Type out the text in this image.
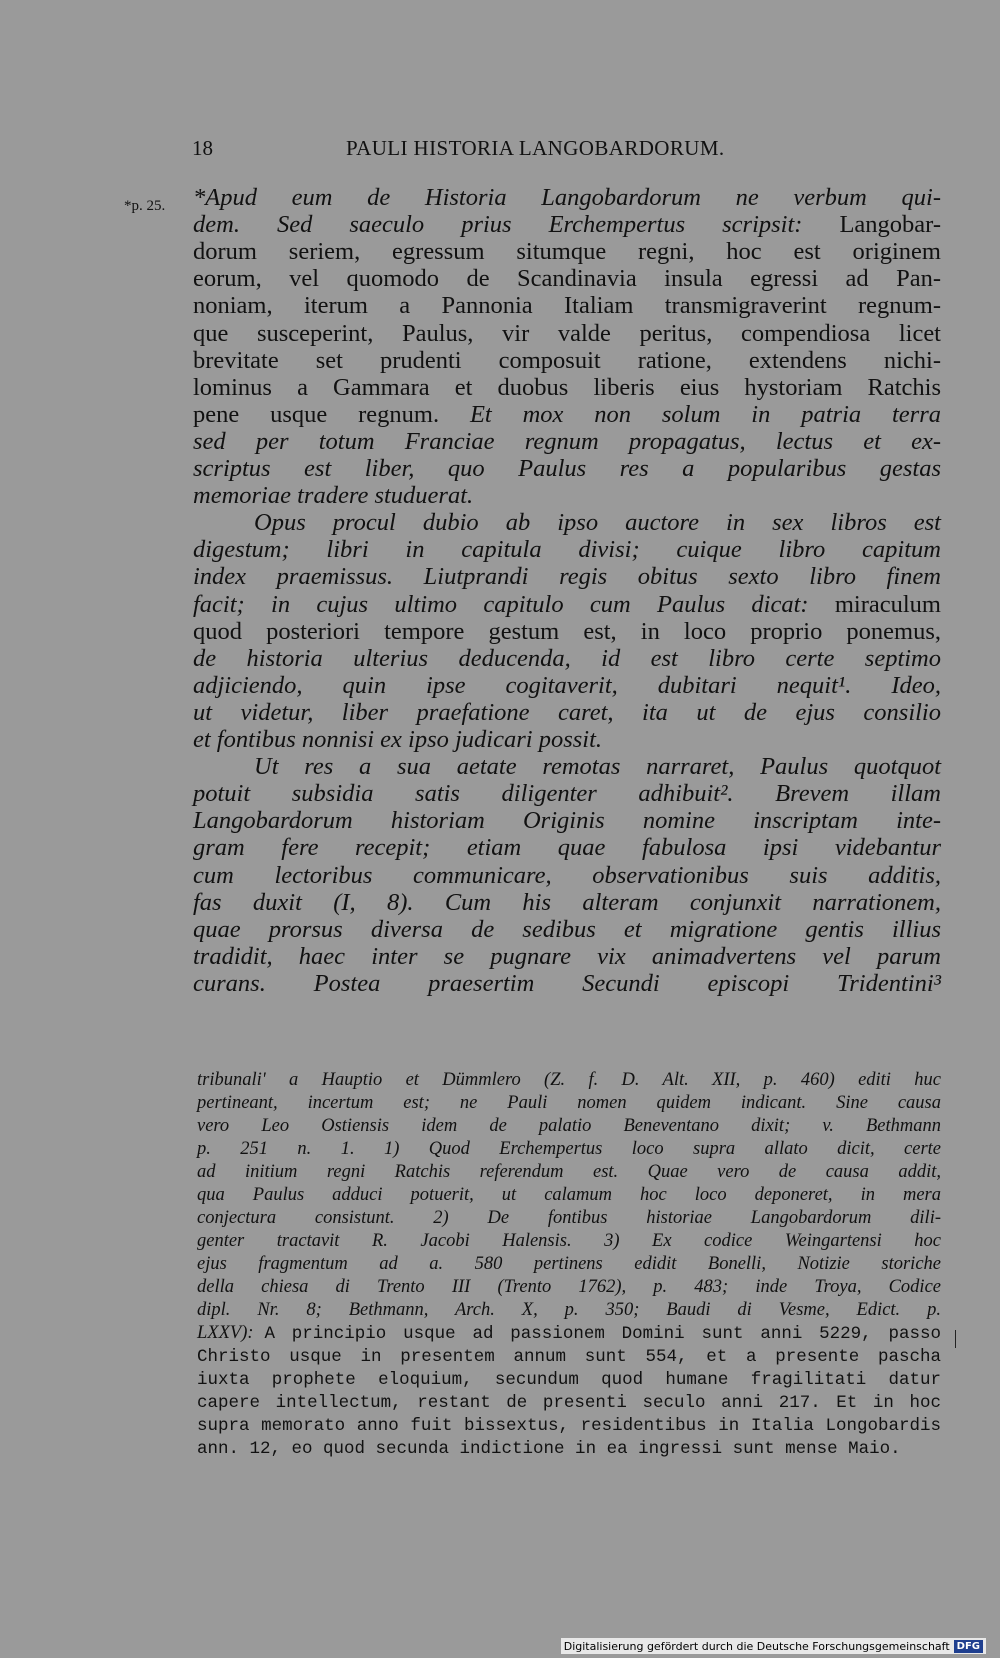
18	PAULI HISTORIA LANGOBARDORUM.
*p. 25. *Apud eum de Historia Langobardorum ne verbum qui-
dem. Sed saeculo prius Erchempertus scripsit: Langobar-
dorum seriem, egressum situmque regni, hoc est originem
eorum, vel quomodo de Scandinavia insula egressi ad Pan-
noniam, iterum a Pannonia Italiam transmigraverint regnum-
que susceperint, Paulus, vir valde peritus, compendiosa licet
brevitate set prudenti composuit ratione, extendens nichi-
lominus a Gammara et duobus liberis eius hystoriam Ratchis
pene usque regnum. Et mox non solum in patria terra
sed per totum Franciae regnum propagatus, lectus et ex-
scriptus est liber, quo Paulus res a popularibus gestas
memoriae tradere studuerat.
Opus procul dubio ab ipso auctore in sex libros est
digestum; libri in capitula divisi; cuique libro capitum
index praemissus. Liutprandi regis obitus sexto libro finem
facit; in cujus ultimo capitulo cum Paulus dicat: miraculum
quod posteriori tempore gestum est, in loco proprio ponemus,
de historia ulterius deducenda, id est libro certe septimo
adjiciendo, quin ipse cogitaverit, dubitari nequit¹. Ideo,
ut videtur, liber praefatione caret, ita ut de ejus consilio
et fontibus nonnisi ex ipso judicari possit.
Ut res a sua aetate remotas narraret, Paulus quotquot
potuit subsidia satis diligenter adhibuit². Brevem illam
Langobardorum historiam Originis nomine inscriptam inte-
gram fere recepit; etiam quae fabulosa ipsi videbantur
cum lectoribus communicare, observationibus suis additis,
fas duxit (I, 8). Cum his alteram conjunxit narrationem,
quae prorsus diversa de sedibus et migratione gentis illius
tradidit, haec inter se pugnare vix animadvertens vel parum
curans. Postea praesertim Secundi episcopi Tridentini³
tribunali' a Hauptio et Dümmlero (Z. f. D. Alt. XII, p. 460) editi huc
pertineant, incertum est; ne Pauli nomen quidem indicant. Sine causa
vero Leo Ostiensis idem de palatio Beneventano dixit; v. Bethmann
p. 251 n. 1. 1) Quod Erchempertus loco supra allato dicit, certe
ad initium regni Ratchis referendum est. Quae vero de causa addit,
qua Paulus adduci potuerit, ut calamum hoc loco deponeret, in mera
conjectura consistunt. 2) De fontibus historiae Langobardorum dili-
genter tractavit R. Jacobi Halensis. 3) Ex codice Weingartensi hoc
ejus fragmentum ad a. 580 pertinens edidit Bonelli, Notizie storiche
della chiesa di Trento III (Trento 1762), p. 483; inde Troya, Codice
dipl. Nr. 8; Bethmann, Arch. X, p. 350; Baudi di Vesme, Edict. p.
LXXV): A principio usque ad passionem Domini sunt anni 5229, passo
Christo usque in presentem annum sunt 554, et a presente pascha
iuxta prophete eloquium, secundum quod humane fragilitati datur
capere intellectum, restant de presenti seculo anni 217. Et in hoc
supra memorato anno fuit bissextus, residentibus in Italia Longobardis
ann. 12, eo quod secunda indictione in ea ingressi sunt mense Maio.
Digitalisierung gefördert durch die Deutsche Forschungsgemeinschaft DFG
